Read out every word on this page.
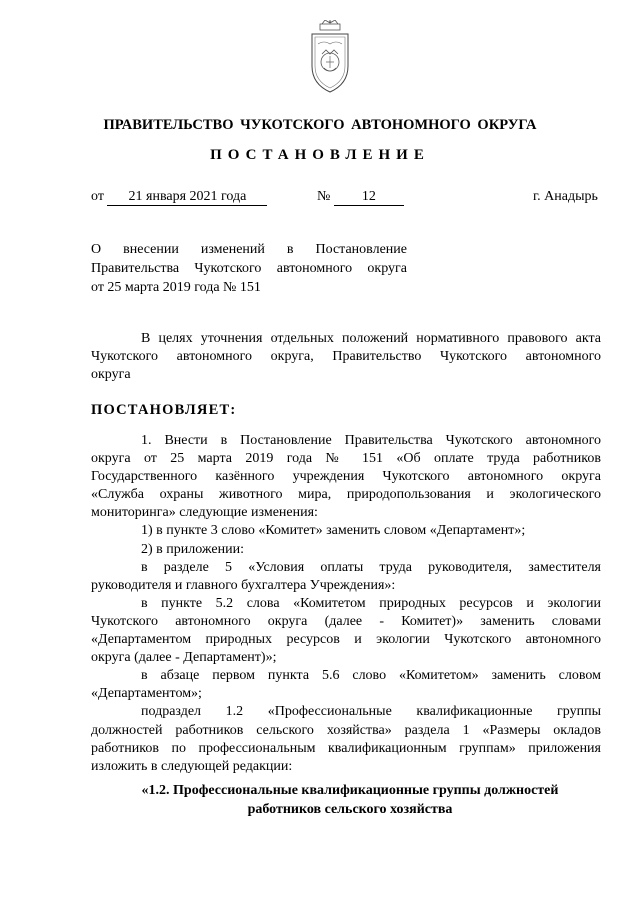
ПРАВИТЕЛЬСТВО ЧУКОТСКОГО АВТОНОМНОГО ОКРУГА
ПОСТАНОВЛЕНИЕ
от 21 января 2021 года	№ 12	г. Анадырь
О внесении изменений в Постановление
Правительства Чукотского автономного округа
от 25 марта 2019 года № 151
В целях уточнения отдельных положений нормативного правового акта
Чукотского автономного округа, Правительство Чукотского автономного
округа
ПОСТАНОВЛЯЕТ:
1. Внести в Постановление Правительства Чукотского автономного
округа от 25 марта 2019 года № 151 «Об оплате труда работников
Государственного казённого учреждения Чукотского автономного округа
«Служба охраны животного мира, природопользования и экологического
мониторинга» следующие изменения:
1) в пункте 3 слово «Комитет» заменить словом «Департамент»;
2) в приложении:
в разделе 5 «Условия оплаты труда руководителя, заместителя
руководителя и главного бухгалтера Учреждения»:
в пункте 5.2 слова «Комитетом природных ресурсов и экологии
Чукотского автономного округа (далее - Комитет)» заменить словами
«Департаментом природных ресурсов и экологии Чукотского автономного
округа (далее - Департамент)»;
в абзаце первом пункта 5.6 слово «Комитетом» заменить словом
«Департаментом»;
подраздел 1.2 «Профессиональные квалификационные группы
должностей работников сельского хозяйства» раздела 1 «Размеры окладов
работников по профессиональным квалификационным группам» приложения
изложить в следующей редакции:
«1.2. Профессиональные квалификационные группы должностей
работников сельского хозяйства
